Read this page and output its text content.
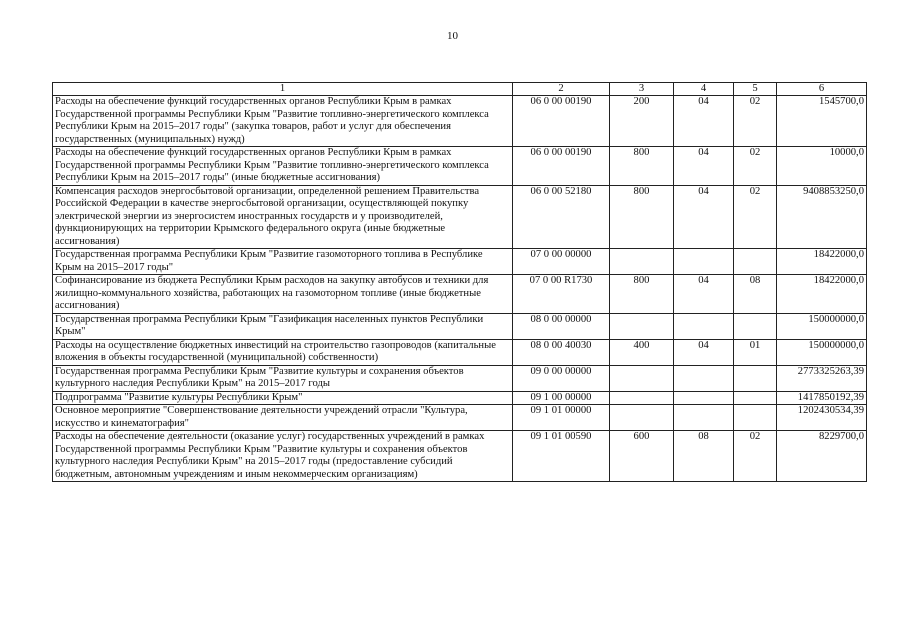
10
1	2	3	4	5	6
Расходы на обеспечение функций государственных органов Республики Крым в рамках Государственной программы Республики Крым "Развитие топливно-энергетического комплекса Республики Крым на 2015–2017 годы" (закупка товаров, работ и услуг для обеспечения государственных (муниципальных) нужд)	06 0 00 00190	200	04	02	1545700,0
Расходы на обеспечение функций государственных органов Республики Крым в рамках Государственной программы Республики Крым "Развитие топливно-энергетического комплекса Республики Крым на 2015–2017 годы" (иные бюджетные ассигнования)	06 0 00 00190	800	04	02	10000,0
Компенсация расходов энергосбытовой организации, определенной решением Правительства Российской Федерации в качестве энергосбытовой организации, осуществляющей покупку электрической энергии из энергосистем иностранных государств и у производителей, функционирующих на территории Крымского федерального округа (иные бюджетные ассигнования)	06 0 00 52180	800	04	02	9408853250,0
Государственная программа Республики Крым "Развитие газомоторного топлива в Республике Крым на 2015–2017 годы"	07 0 00 00000				18422000,0
Софинансирование из бюджета Республики Крым расходов на закупку автобусов и техники для жилищно-коммунального хозяйства, работающих на газомоторном топливе (иные бюджетные ассигнования)	07 0 00 R1730	800	04	08	18422000,0
Государственная программа Республики Крым "Газификация населенных пунктов Республики Крым"	08 0 00 00000				150000000,0
Расходы на осуществление бюджетных инвестиций на строительство газопроводов (капитальные вложения в объекты государственной (муниципальной) собственности)	08 0 00 40030	400	04	01	150000000,0
Государственная программа Республики Крым "Развитие культуры и сохранения объектов культурного наследия Республики Крым" на 2015–2017 годы	09 0 00 00000				2773325263,39
Подпрограмма "Развитие культуры Республики Крым"	09 1 00 00000				1417850192,39
Основное мероприятие "Совершенствование деятельности учреждений отрасли "Культура, искусство и кинематография"	09 1 01 00000				1202430534,39
Расходы на обеспечение деятельности (оказание услуг) государственных учреждений в рамках Государственной программы Республики Крым "Развитие культуры и сохранения объектов культурного наследия Республики Крым" на 2015–2017 годы (предоставление субсидий бюджетным, автономным учреждениям и иным некоммерческим организациям)	09 1 01 00590	600	08	02	8229700,0
